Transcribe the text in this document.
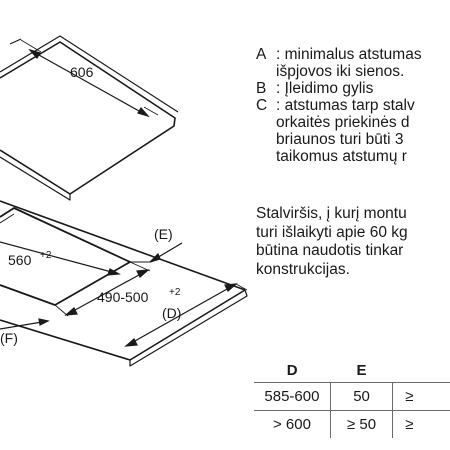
606
560 +2
490-500 +2
(E)
(D)
(F)
A : minimalus atstumas
išpjovos iki sienos.
B : Įleidimo gylis
C : atstumas tarp stalv
orkaitės priekinės d
briaunos turi būti 3
taikomus atstumų r
Stalviršis, į kurį montu
turi išlaikyti apie 60 kg
būtina naudotis tinkar
konstrukcijas.
D	E	
585-600	50	≥
> 600	≥ 50	≥
